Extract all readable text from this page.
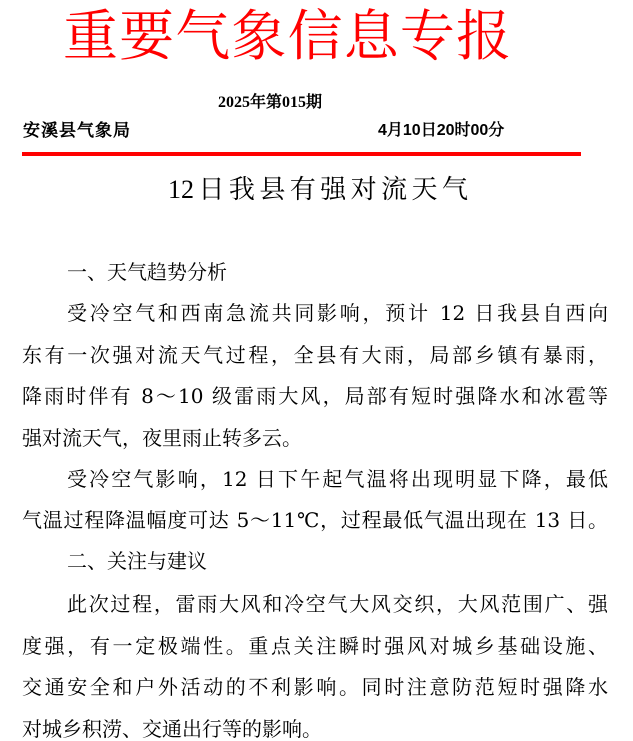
重要气象信息专报
2025年第015期
安溪县气象局	4月10日20时00分
12日我县有强对流天气
一、天气趋势分析
受冷空气和西南急流共同影响，预计 12 日我县自西向
东有一次强对流天气过程，全县有大雨，局部乡镇有暴雨，
降雨时伴有 8～10 级雷雨大风，局部有短时强降水和冰雹等
强对流天气，夜里雨止转多云。
受冷空气影响，12 日下午起气温将出现明显下降，最低
气温过程降温幅度可达 5～11℃，过程最低气温出现在 13 日。
二、关注与建议
此次过程，雷雨大风和冷空气大风交织，大风范围广、强
度强，有一定极端性。重点关注瞬时强风对城乡基础设施、
交通安全和户外活动的不利影响。同时注意防范短时强降水
对城乡积涝、交通出行等的影响。
